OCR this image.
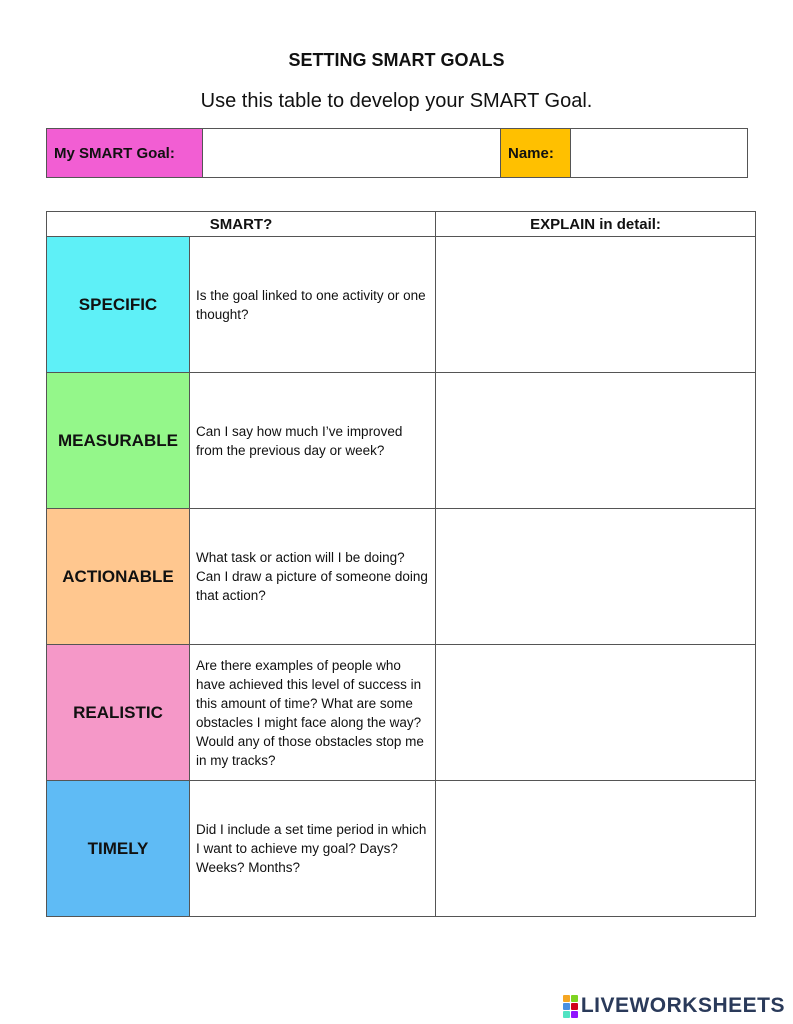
SETTING SMART GOALS
Use this table to develop your SMART Goal.
My SMART Goal:	Name:
SMART?		EXPLAIN in detail:
SPECIFIC	Is the goal linked to one activity or one thought?	
MEASURABLE	Can I say how much I’ve improved from the previous day or week?	
ACTIONABLE	What task or action will I be doing? Can I draw a picture of someone doing that action?	
REALISTIC	Are there examples of people who have achieved this level of success in this amount of time? What are some obstacles I might face along the way? Would any of those obstacles stop me in my tracks?	
TIMELY	Did I include a set time period in which I want to achieve my goal? Days? Weeks? Months?	
LIVEWORKSHEETS
